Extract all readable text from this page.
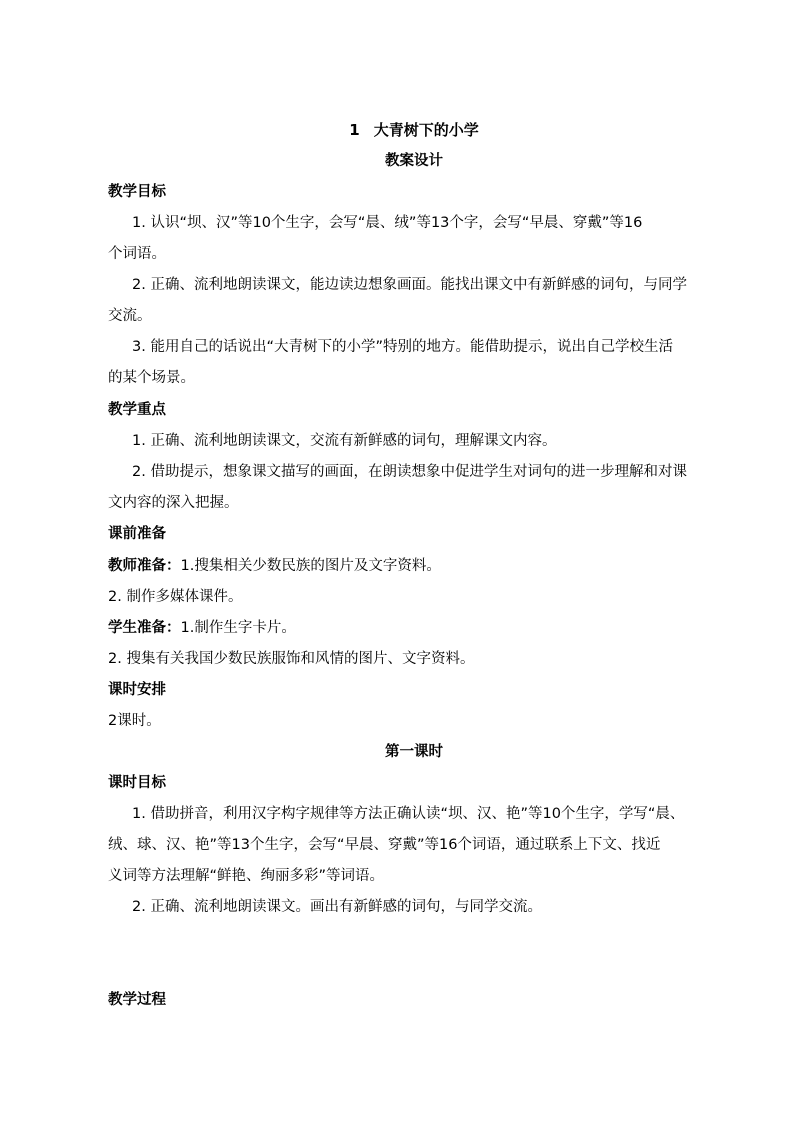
1 大青树下的小学
教案设计
教学目标
1. 认识“坝、汉”等10个生字，会写“晨、绒”等13个字，会写“早晨、穿戴”等16
个词语。
2. 正确、流利地朗读课文，能边读边想象画面。能找出课文中有新鲜感的词句，与同学
交流。
3. 能用自己的话说出“大青树下的小学”特别的地方。能借助提示，说出自己学校生活
的某个场景。
教学重点
1. 正确、流利地朗读课文，交流有新鲜感的词句，理解课文内容。
2. 借助提示，想象课文描写的画面，在朗读想象中促进学生对词句的进一步理解和对课
文内容的深入把握。
课前准备
教师准备：1.搜集相关少数民族的图片及文字资料。
2. 制作多媒体课件。
学生准备：1.制作生字卡片。
2. 搜集有关我国少数民族服饰和风情的图片、文字资料。
课时安排
2课时。
第一课时
课时目标
1. 借助拼音，利用汉字构字规律等方法正确认读“坝、汉、艳”等10个生字，学写“晨、
绒、球、汉、艳”等13个生字，会写“早晨、穿戴”等16个词语，通过联系上下文、找近
义词等方法理解“鲜艳、绚丽多彩”等词语。
2. 正确、流利地朗读课文。画出有新鲜感的词句，与同学交流。
教学过程
